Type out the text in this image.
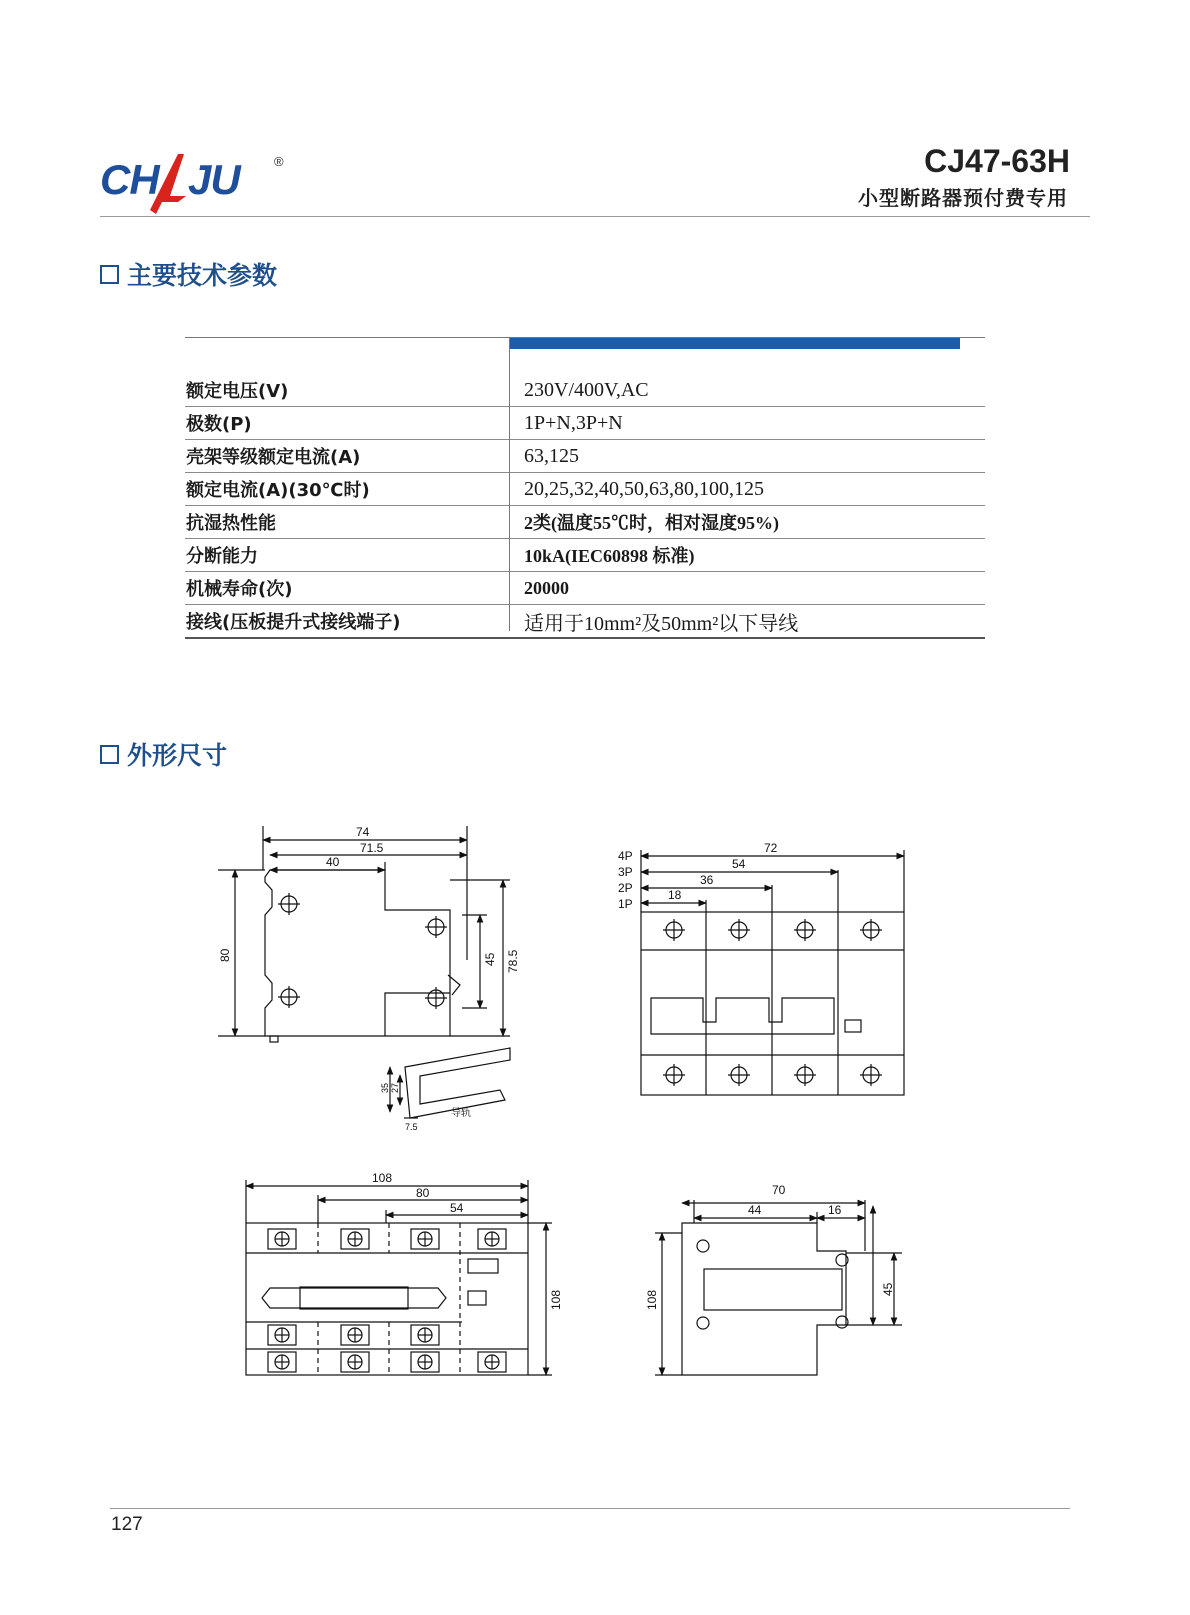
CH JU	®	CJ47-63H
小型断路器预付费专用
主要技术参数
额定电压(V)	230V/400V,AC
极数(P)	1P+N,3P+N
壳架等级额定电流(A)	63,125
额定电流(A)(30℃时)	20,25,32,40,50,63,80,100,125
抗湿热性能	2类(温度55℃时，相对湿度95%)
分断能力	10kA(IEC60898 标准)
机械寿命(次)	20000
接线(压板提升式接线端子)	适用于10mm²及50mm²以下导线
外形尺寸
74
71.5
40
80	45 78.5
35 27
7.5
导轨
4P
3P
2P
1P
72
54
36
18
108
80
54
108
70
44	16
108
45
127
